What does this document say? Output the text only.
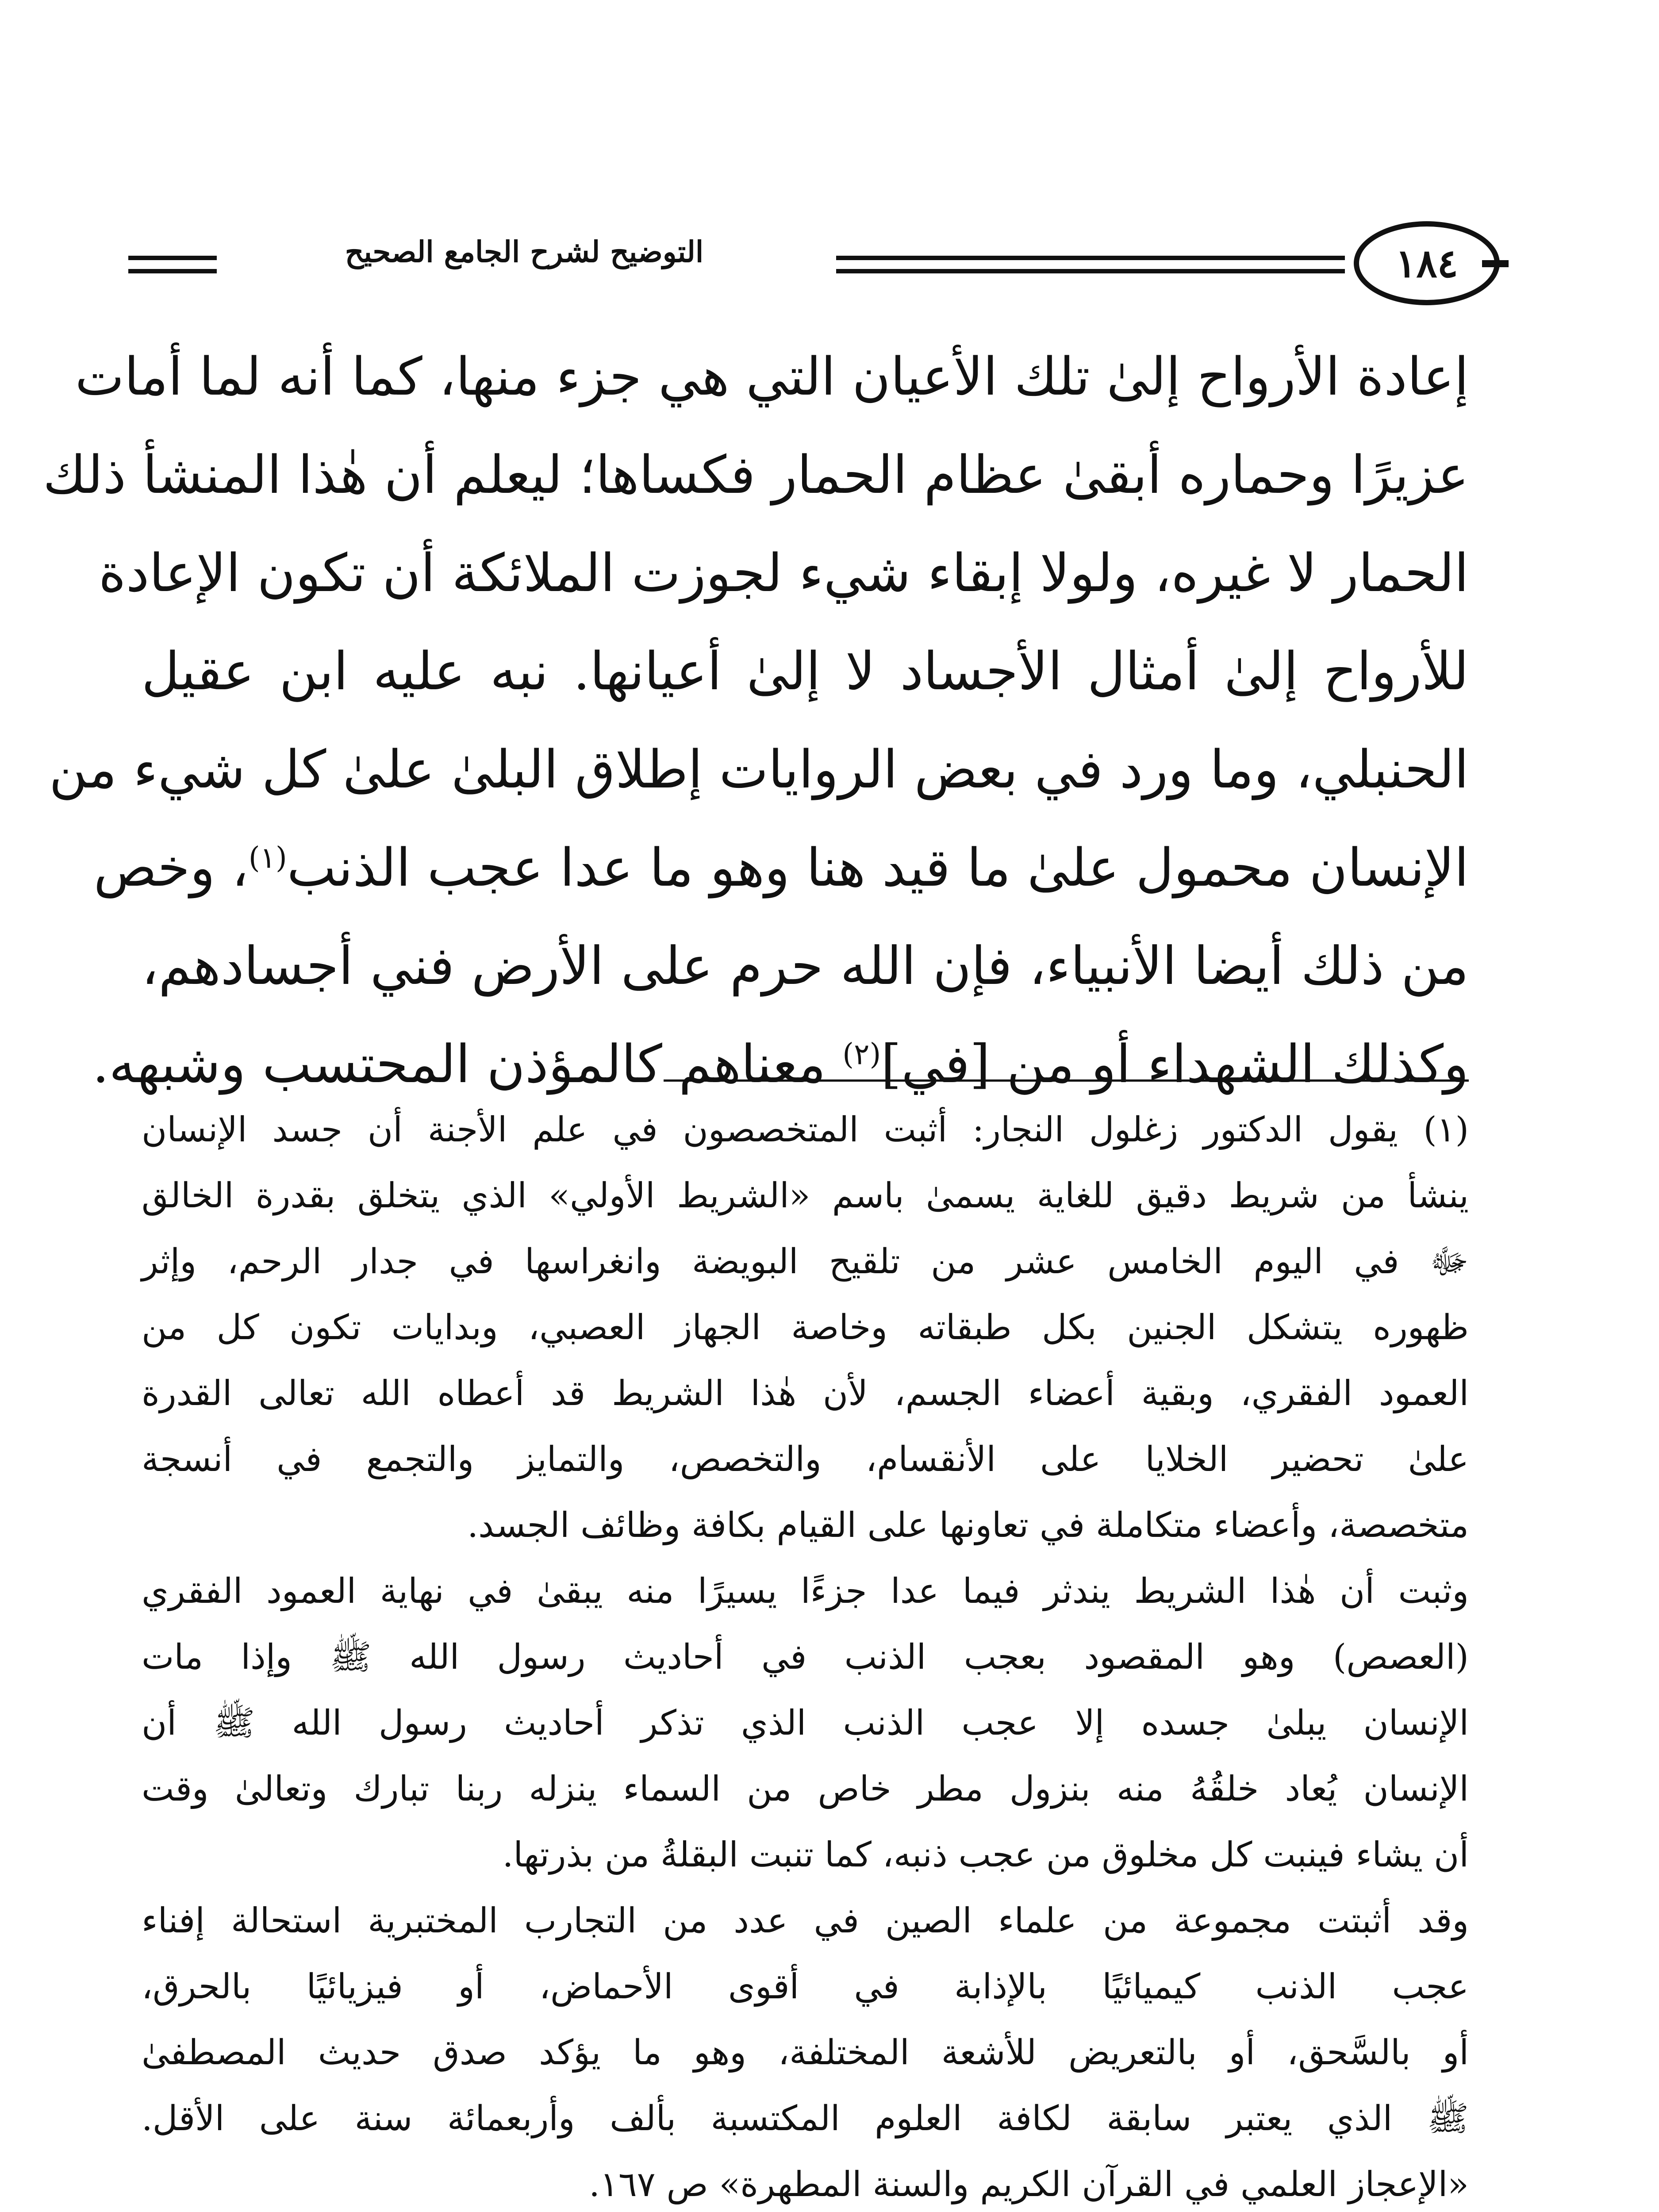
التوضيح لشرح الجامع الصحيح	١٨٤
إعادة الأرواح إلىٰ تلك الأعيان التي هي جزء منها، كما أنه لما أمات
عزيرًا وحماره أبقىٰ عظام الحمار فكساها؛ ليعلم أن هٰذا المنشأ ذلك
الحمار لا غيره، ولولا إبقاء شيء لجوزت الملائكة أن تكون الإعادة
للأرواح إلىٰ أمثال الأجساد لا إلىٰ أعيانها. نبه عليه ابن عقيل
الحنبلي، وما ورد في بعض الروايات إطلاق البلىٰ علىٰ كل شيء من
الإنسان محمول علىٰ ما قيد هنا وهو ما عدا عجب الذنب$^{(١)}$، وخص
من ذلك أيضا الأنبياء، فإن الله حرم على الأرض فني أجسادهم،
وكذلك الشهداء أو من [في]$^{(٢)}$ معناهم كالمؤذن المحتسب وشبهه.
(١)
يقول الدكتور زغلول النجار: أثبت المتخصصون في علم الأجنة أن جسد الإنسان
ينشأ من شريط دقيق للغاية يسمىٰ باسم «الشريط الأولي» الذي يتخلق بقدرة الخالق
ﷻ في اليوم الخامس عشر من تلقيح البويضة وانغراسها في جدار الرحم، وإثر
ظهوره يتشكل الجنين بكل طبقاته وخاصة الجهاز العصبي، وبدايات تكون كل من
العمود الفقري، وبقية أعضاء الجسم، لأن هٰذا الشريط قد أعطاه الله تعالى القدرة
علىٰ تحضير الخلايا على الأنقسام، والتخصص، والتمايز والتجمع في أنسجة
متخصصة، وأعضاء متكاملة في تعاونها على القيام بكافة وظائف الجسد.
وثبت أن هٰذا الشريط يندثر فيما عدا جزءًا يسيرًا منه يبقىٰ في نهاية العمود الفقري
(العصص) وهو المقصود بعجب الذنب في أحاديث رسول الله ﷺ وإذا مات
الإنسان يبلىٰ جسده إلا عجب الذنب الذي تذكر أحاديث رسول الله ﷺ أن
الإنسان يُعاد خلقُهُ منه بنزول مطر خاص من السماء ينزله ربنا تبارك وتعالىٰ وقت
أن يشاء فينبت كل مخلوق من عجب ذنبه، كما تنبت البقلةُ من بذرتها.
وقد أثبتت مجموعة من علماء الصين في عدد من التجارب المختبرية استحالة إفناء
عجب الذنب كيميائيًا بالإذابة في أقوى الأحماض، أو فيزيائيًا بالحرق،
أو بالسَّحق، أو بالتعريض للأشعة المختلفة، وهو ما يؤكد صدق حديث المصطفىٰ
ﷺ الذي يعتبر سابقة لكافة العلوم المكتسبة بألف وأربعمائة سنة على الأقل.
«الإعجاز العلمي في القرآن الكريم والسنة المطهرة» ص ١٦٧.
